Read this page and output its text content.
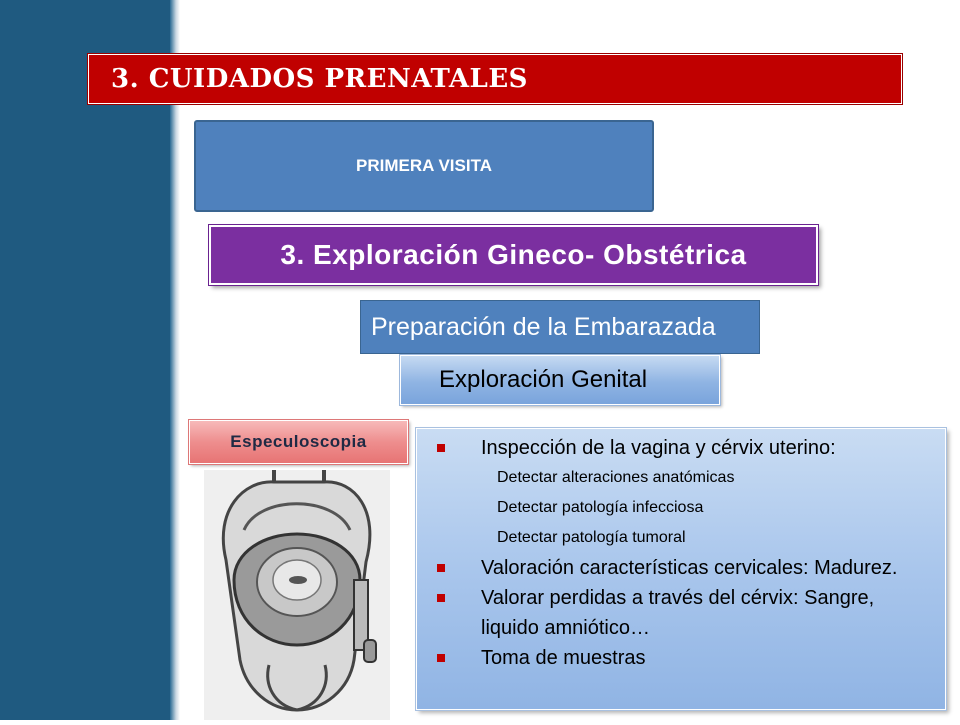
3. CUIDADOS PRENATALES
PRIMERA VISITA
3. Exploración Gineco- Obstétrica
Preparación de la Embarazada
Exploración Genital
Especuloscopia	Inspección de la vagina y cérvix uterino:
Detectar alteraciones anatómicas
Detectar patología infecciosa
Detectar patología tumoral
Valoración características cervicales: Madurez.
Valorar perdidas a través del cérvix: Sangre,
liquido amniótico…
Toma de muestras
